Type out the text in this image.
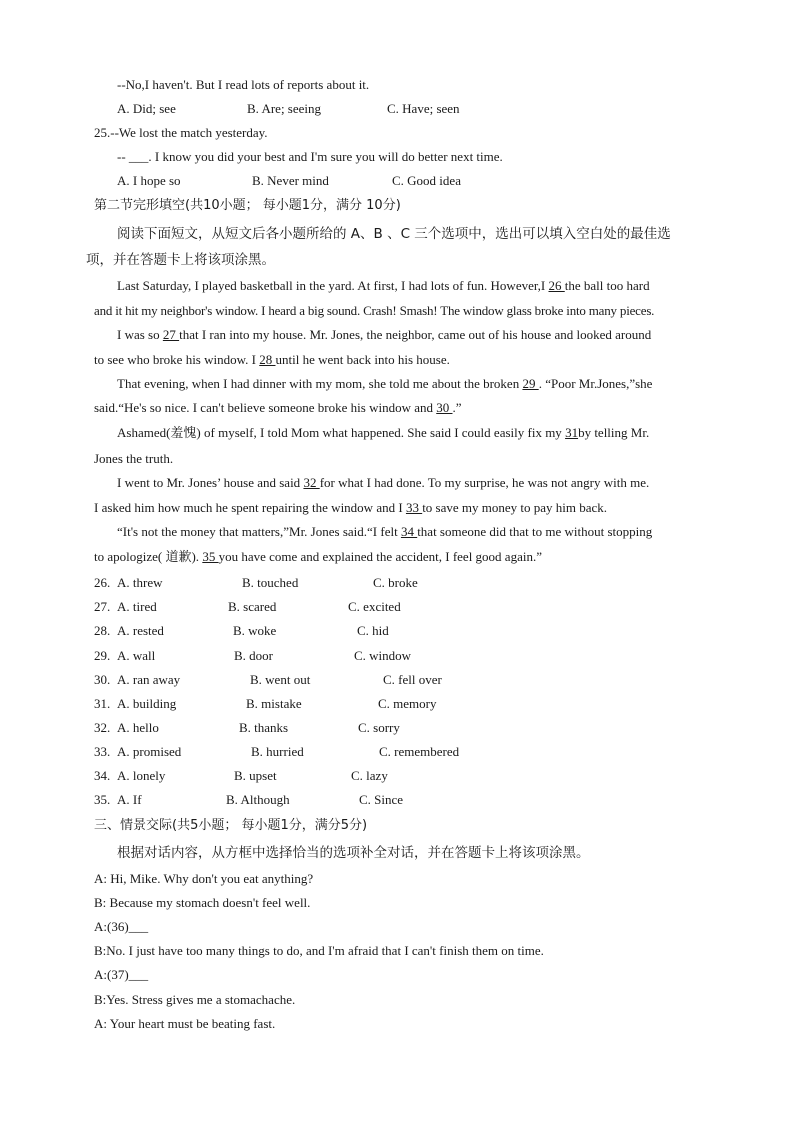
--No,I haven't. But I read lots of reports about it.
A. Did; see	B. Are; seeing	C. Have; seen
25.--We lost the match yesterday.
-- ___. I know you did your best and I'm sure you will do better next time.
A. I hope so	B. Never mind	C. Good idea
第二节完形填空(共10小题； 每小题1分，满分 10分)
阅读下面短文，从短文后各小题所给的 A、B 、C 三个选项中，选出可以填入空白处的最佳选
项，并在答题卡上将该项涂黑。
Last Saturday, I played basketball in the yard. At first, I had lots of fun. However,I 26 the ball too hard
and it hit my neighbor's window. I heard a big sound. Crash! Smash! The window glass broke into many pieces.
I was so 27 that I ran into my house. Mr. Jones, the neighbor, came out of his house and looked around
to see who broke his window. I 28 until he went back into his house.
That evening, when I had dinner with my mom, she told me about the broken 29 . “Poor Mr.Jones,”she
said.“He's so nice. I can't believe someone broke his window and 30 .”
Ashamed(羞愧) of myself, I told Mom what happened. She said I could easily fix my 31by telling Mr.
Jones the truth.
I went to Mr. Jones’ house and said 32 for what I had done. To my surprise, he was not angry with me.
I asked him how much he spent repairing the window and I 33 to save my money to pay him back.
“It's not the money that matters,”Mr. Jones said.“I felt 34 that someone did that to me without stopping
to apologize( 道歉). 35 you have come and explained the accident, I feel good again.”
26. A. threw	B. touched	C. broke
27. A. tired	B. scared	C. excited
28. A. rested	B. woke	C. hid
29. A. wall	B. door	C. window
30. A. ran away	B. went out	C. fell over
31. A. building	B. mistake	C. memory
32. A. hello	B. thanks	C. sorry
33. A. promised	B. hurried	C. remembered
34. A. lonely	B. upset	C. lazy
35. A. If	B. Although	C. Since
三、情景交际(共5小题； 每小题1分，满分5分)
根据对话内容，从方框中选择恰当的选项补全对话，并在答题卡上将该项涂黑。
A: Hi, Mike. Why don't you eat anything?
B: Because my stomach doesn't feel well.
A:(36)___
B:No. I just have too many things to do, and I'm afraid that I can't finish them on time.
A:(37)___
B:Yes. Stress gives me a stomachache.
A: Your heart must be beating fast.
